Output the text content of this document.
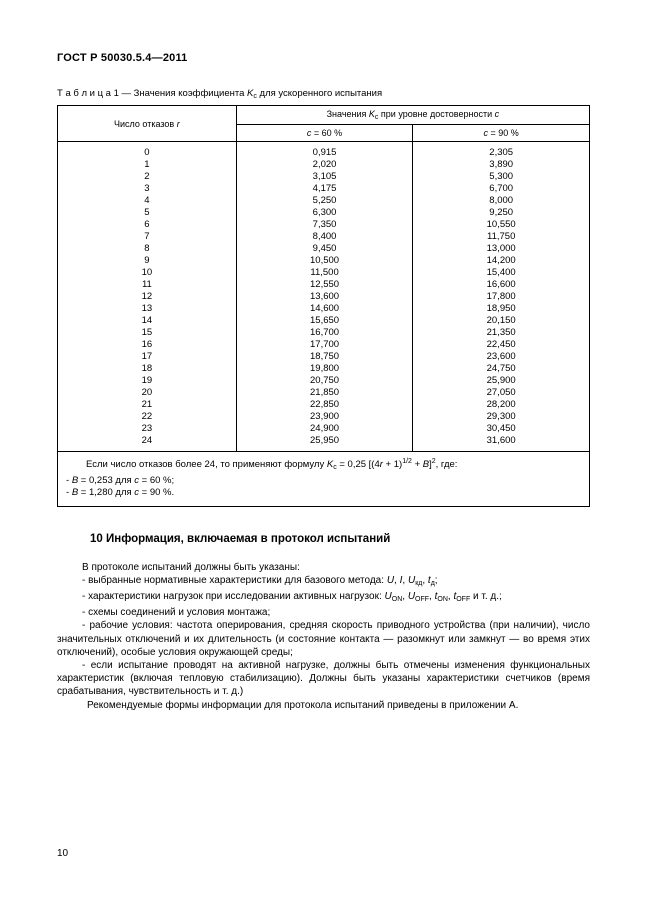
ГОСТ Р 50030.5.4—2011
Т а б л и ц а 1 — Значения коэффициента $K_с$ для ускоренного испытания
Число отказов r	Значения $K_с$ при уровне достоверности с	
	с = 60 %	с = 90 %
0	0,915	2,305
1	2,020	3,890
2	3,105	5,300
3	4,175	6,700
4	5,250	8,000
5	6,300	9,250
6	7,350	10,550
7	8,400	11,750
8	9,450	13,000
9	10,500	14,200
10	11,500	15,400
11	12,550	16,600
12	13,600	17,800
13	14,600	18,950
14	15,650	20,150
15	16,700	21,350
16	17,700	22,450
17	18,750	23,600
18	19,800	24,750
19	20,750	25,900
20	21,850	27,050
21	22,850	28,200
22	23,900	29,300
23	24,900	30,450
24	25,950	31,600

Если число отказов более 24, то применяют формулу $K_с = 0,25$ $[(4r + 1)^{1/2} + B]^2$, где:
- B = 0,253 для с = 60 %;
- B = 1,280 для с = 90 %.		
10 Информация, включаемая в протокол испытаний

В протоколе испытаний должны быть указаны:

- выбранные нормативные характеристики для базового метода: U, I, $U_{кд}$, $t_д$;

- характеристики нагрузок при исследовании активных нагрузок: $U_{ON}$, $U_{OFF}$, $t_{ON}$, $t_{OFF}$ и т. д.;

- схемы соединений и условия монтажа;

- рабочие условия: частота оперирования, средняя скорость приводного устройства (при наличии), число значительных отключений и их длительность (и состояние контакта — разомкнут или замкнут — во время этих отключений), особые условия окружающей среды;

- если испытание проводят на активной нагрузке, должны быть отмечены изменения функциональных характеристик (включая тепловую стабилизацию). Должны быть указаны характеристики счетчиков (время срабатывания, чувствительность и т. д.)

Рекомендуемые формы информации для протокола испытаний приведены в приложении А.

10
